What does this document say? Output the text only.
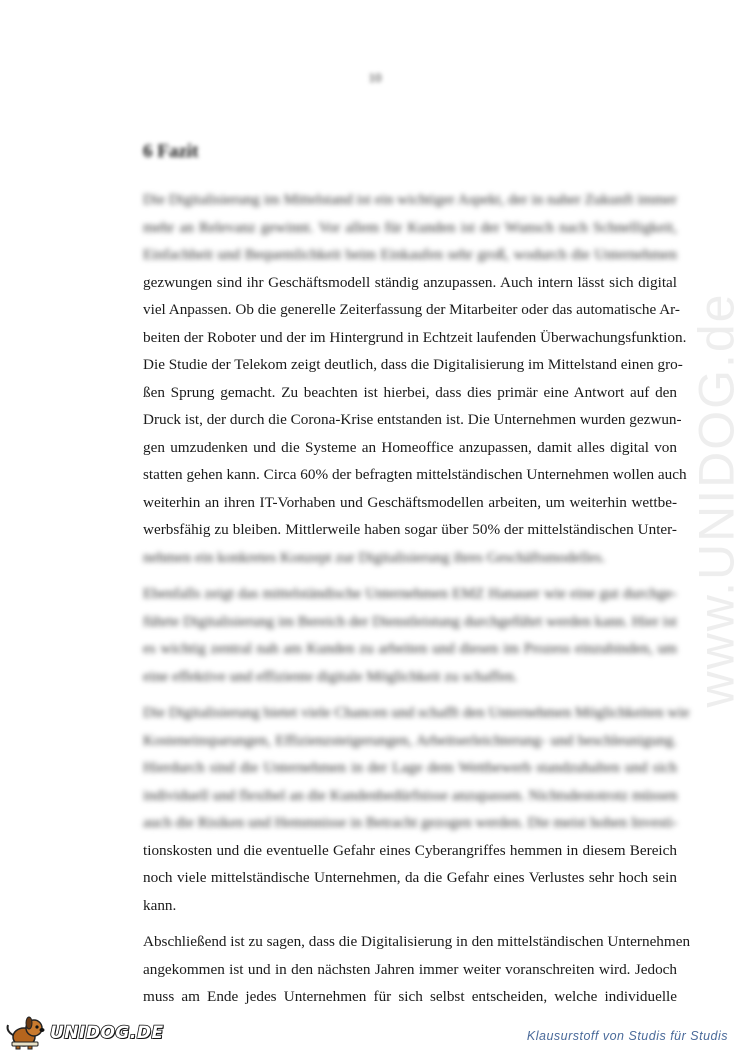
10
6 Fazit
Die Digitalisierung im Mittelstand ist ein wichtiger Aspekt, der in naher Zukunft immer
mehr an Relevanz gewinnt. Vor allem für Kunden ist der Wunsch nach Schnelligkeit,
Einfachheit und Bequemlichkeit beim Einkaufen sehr groß, wodurch die Unternehmen
gezwungen sind ihr Geschäftsmodell ständig anzupassen. Auch intern lässt sich digital
viel Anpassen. Ob die generelle Zeiterfassung der Mitarbeiter oder das automatische Ar-
beiten der Roboter und der im Hintergrund in Echtzeit laufenden Überwachungsfunktion.
Die Studie der Telekom zeigt deutlich, dass die Digitalisierung im Mittelstand einen gro-
ßen Sprung gemacht. Zu beachten ist hierbei, dass dies primär eine Antwort auf den
Druck ist, der durch die Corona-Krise entstanden ist. Die Unternehmen wurden gezwun-
gen umzudenken und die Systeme an Homeoffice anzupassen, damit alles digital von
statten gehen kann. Circa 60% der befragten mittelständischen Unternehmen wollen auch
weiterhin an ihren IT-Vorhaben und Geschäftsmodellen arbeiten, um weiterhin wettbe-
werbsfähig zu bleiben. Mittlerweile haben sogar über 50% der mittelständischen Unter-
nehmen ein konkretes Konzept zur Digitalisierung ihres Geschäftsmodelles.
Ebenfalls zeigt das mittelständische Unternehmen EMZ Hanauer wie eine gut durchge-
führte Digitalisierung im Bereich der Dienstleistung durchgeführt werden kann. Hier ist
es wichtig zentral nah am Kunden zu arbeiten und diesen im Prozess einzubinden, um
eine effektive und effiziente digitale Möglichkeit zu schaffen.
Die Digitalisierung bietet viele Chancen und schafft den Unternehmen Möglichkeiten wie
Kosteneinsparungen, Effizienzsteigerungen, Arbeitserleichterung- und beschleunigung.
Hierdurch sind die Unternehmen in der Lage dem Wettbewerb standzuhalten und sich
individuell und flexibel an die Kundenbedürfnisse anzupassen. Nichtsdestotrotz müssen
auch die Risiken und Hemmnisse in Betracht gezogen werden. Die meist hohen Investi-
tionskosten und die eventuelle Gefahr eines Cyberangriffes hemmen in diesem Bereich
noch viele mittelständische Unternehmen, da die Gefahr eines Verlustes sehr hoch sein
kann.
Abschließend ist zu sagen, dass die Digitalisierung in den mittelständischen Unternehmen
angekommen ist und in den nächsten Jahren immer weiter voranschreiten wird. Jedoch
muss am Ende jedes Unternehmen für sich selbst entscheiden, welche individuelle
www.UNIDOG.de
UNIDOG.DE	Klausurstoff von Studis für Studis
